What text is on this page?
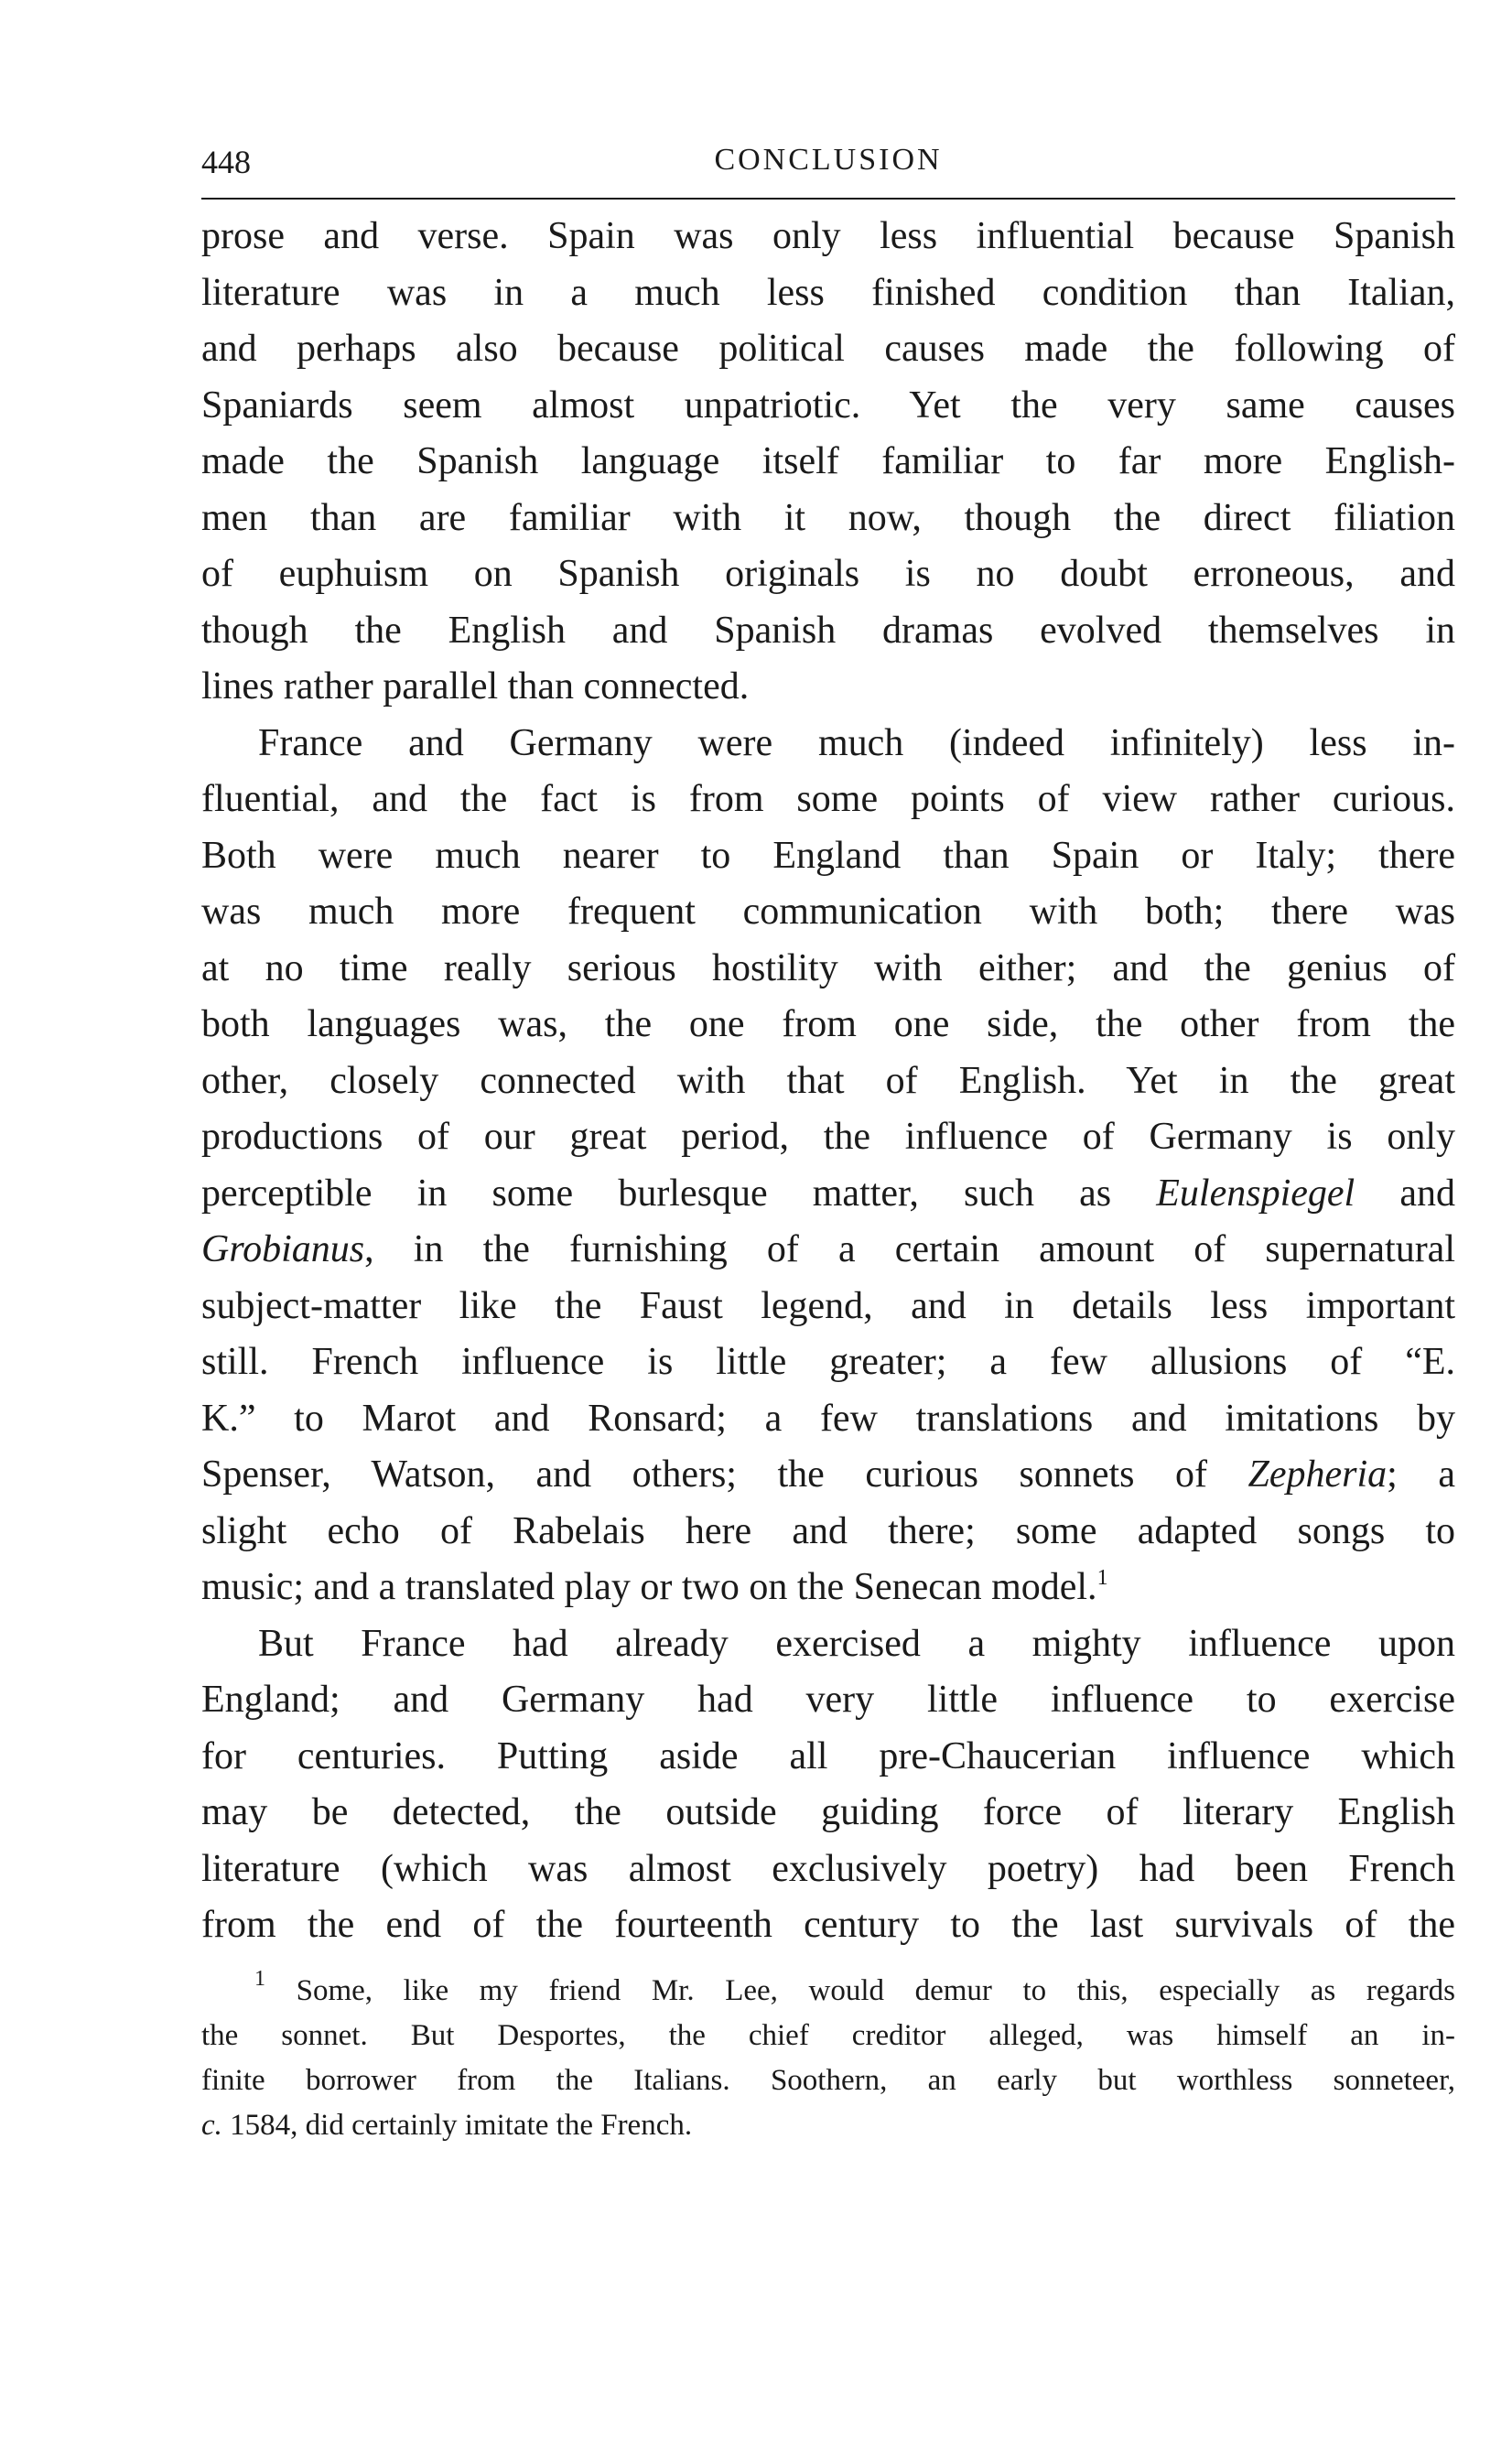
448	CONCLUSION
prose and verse. Spain was only less influential because Spanish
literature was in a much less finished condition than Italian,
and perhaps also because political causes made the following of
Spaniards seem almost unpatriotic. Yet the very same causes
made the Spanish language itself familiar to far more English-
men than are familiar with it now, though the direct filiation
of euphuism on Spanish originals is no doubt erroneous, and
though the English and Spanish dramas evolved themselves in
lines rather parallel than connected.
France and Germany were much (indeed infinitely) less in-
fluential, and the fact is from some points of view rather curious.
Both were much nearer to England than Spain or Italy; there
was much more frequent communication with both; there was
at no time really serious hostility with either; and the genius of
both languages was, the one from one side, the other from the
other, closely connected with that of English. Yet in the great
productions of our great period, the influence of Germany is only
perceptible in some burlesque matter, such as Eulenspiegel and
Grobianus, in the furnishing of a certain amount of supernatural
subject-matter like the Faust legend, and in details less important
still. French influence is little greater; a few allusions of “E.
K.” to Marot and Ronsard; a few translations and imitations by
Spenser, Watson, and others; the curious sonnets of Zepheria; a
slight echo of Rabelais here and there; some adapted songs to
music; and a translated play or two on the Senecan model.$^1$
But France had already exercised a mighty influence upon
England; and Germany had very little influence to exercise
for centuries. Putting aside all pre-Chaucerian influence which
may be detected, the outside guiding force of literary English
literature (which was almost exclusively poetry) had been French
from the end of the fourteenth century to the last survivals of the
$^1$ Some, like my friend Mr. Lee, would demur to this, especially as regards
the sonnet. But Desportes, the chief creditor alleged, was himself an in-
finite borrower from the Italians. Soothern, an early but worthless sonneteer,
c. 1584, did certainly imitate the French.
